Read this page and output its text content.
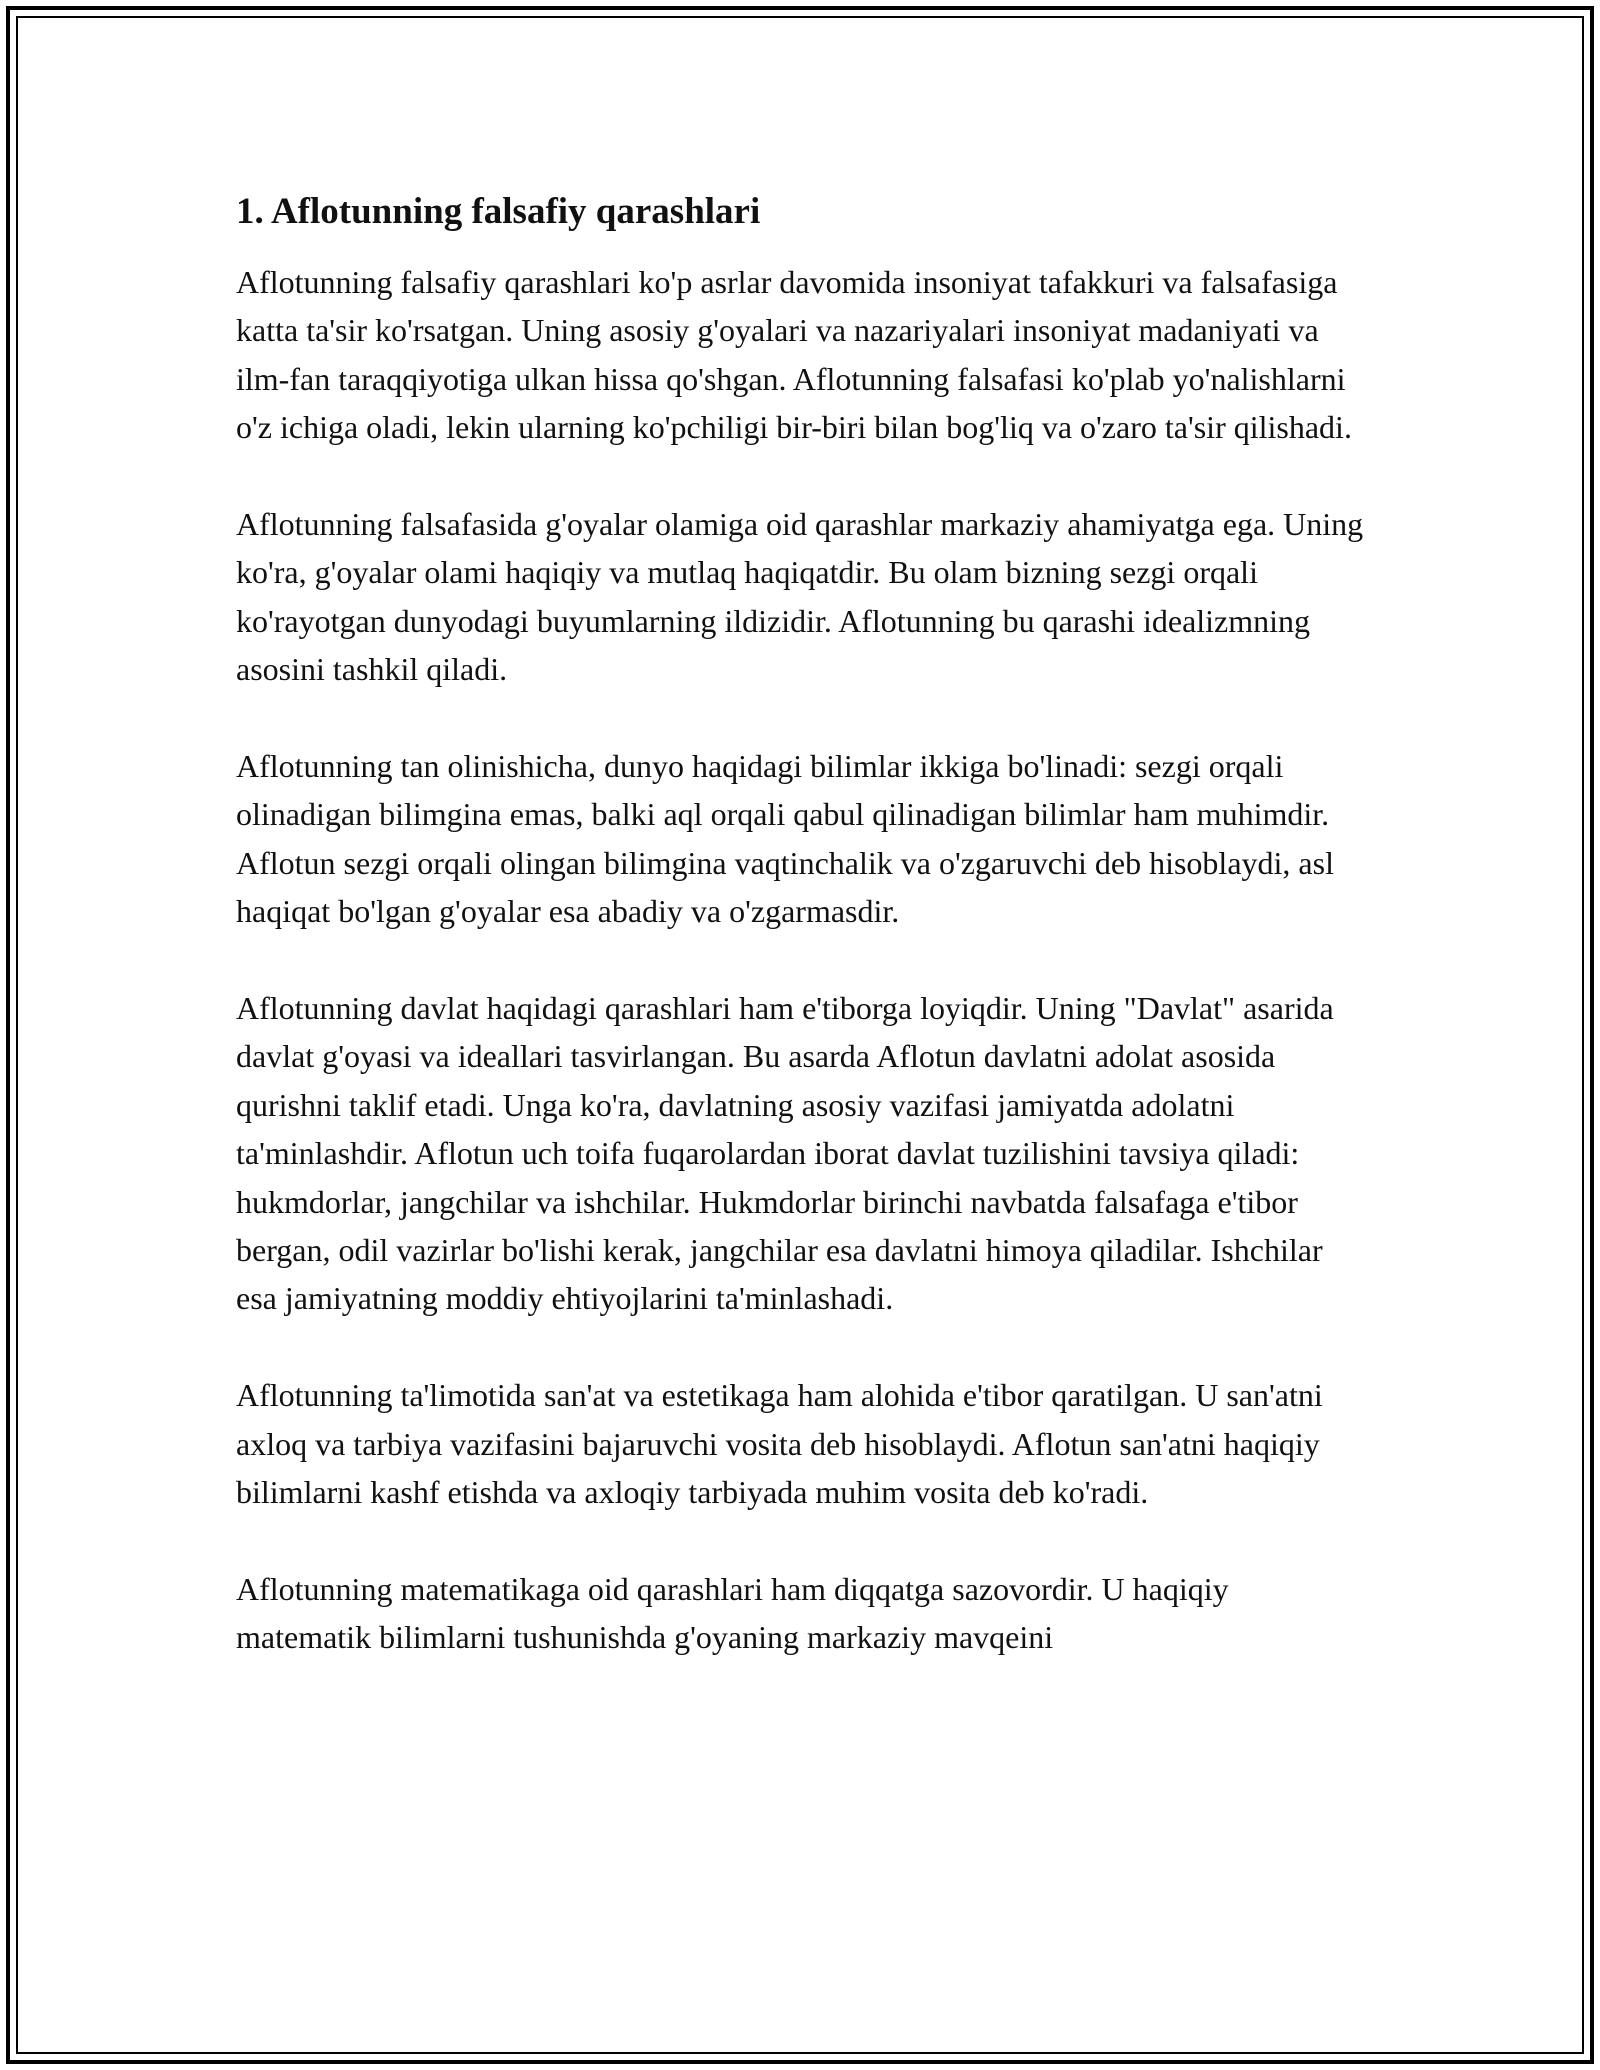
1. Aflotunning falsafiy qarashlari

Aflotunning falsafiy qarashlari ko'p asrlar davomida insoniyat tafakkuri va falsafasiga katta ta'sir ko'rsatgan. Uning asosiy g'oyalari va nazariyalari insoniyat madaniyati va ilm-fan taraqqiyotiga ulkan hissa qo'shgan. Aflotunning falsafasi ko'plab yo'nalishlarni o'z ichiga oladi, lekin ularning ko'pchiligi bir-biri bilan bog'liq va o'zaro ta'sir qilishadi.

Aflotunning falsafasida g'oyalar olamiga oid qarashlar markaziy ahamiyatga ega. Uning ko'ra, g'oyalar olami haqiqiy va mutlaq haqiqatdir. Bu olam bizning sezgi orqali ko'rayotgan dunyodagi buyumlarning ildizidir. Aflotunning bu qarashi idealizmning asosini tashkil qiladi.

Aflotunning tan olinishicha, dunyo haqidagi bilimlar ikkiga bo'linadi: sezgi orqali olinadigan bilimgina emas, balki aql orqali qabul qilinadigan bilimlar ham muhimdir. Aflotun sezgi orqali olingan bilimgina vaqtinchalik va o'zgaruvchi deb hisoblaydi, asl haqiqat bo'lgan g'oyalar esa abadiy va o'zgarmasdir.

Aflotunning davlat haqidagi qarashlari ham e'tiborga loyiqdir. Uning "Davlat" asarida davlat g'oyasi va ideallari tasvirlangan. Bu asarda Aflotun davlatni adolat asosida qurishni taklif etadi. Unga ko'ra, davlatning asosiy vazifasi jamiyatda adolatni ta'minlashdir. Aflotun uch toifa fuqarolardan iborat davlat tuzilishini tavsiya qiladi: hukmdorlar, jangchilar va ishchilar. Hukmdorlar birinchi navbatda falsafaga e'tibor bergan, odil vazirlar bo'lishi kerak, jangchilar esa davlatni himoya qiladilar. Ishchilar esa jamiyatning moddiy ehtiyojlarini ta'minlashadi.

Aflotunning ta'limotida san'at va estetikaga ham alohida e'tibor qaratilgan. U san'atni axloq va tarbiya vazifasini bajaruvchi vosita deb hisoblaydi. Aflotun san'atni haqiqiy bilimlarni kashf etishda va axloqiy tarbiyada muhim vosita deb ko'radi.

Aflotunning matematikaga oid qarashlari ham diqqatga sazovordir. U haqiqiy matematik bilimlarni tushunishda g'oyaning markaziy mavqeini
